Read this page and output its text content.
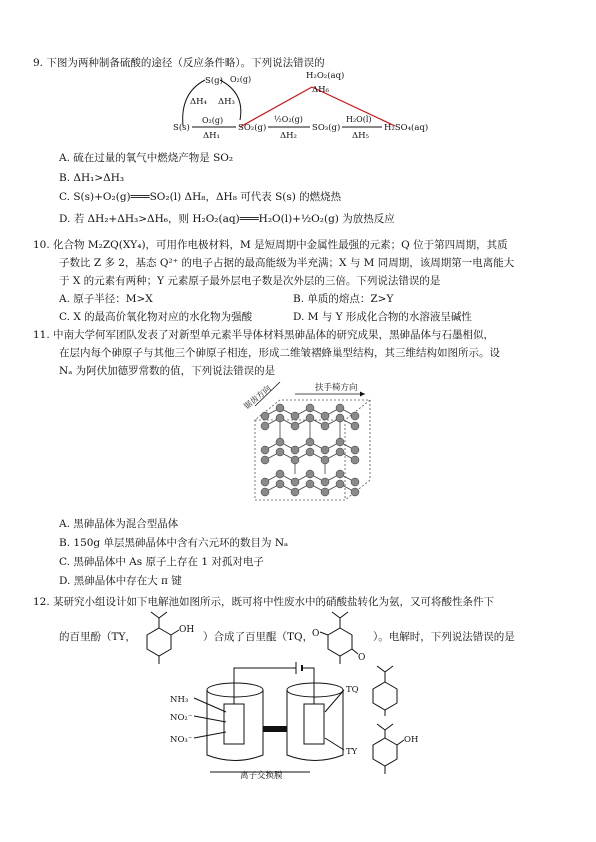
9. 下图为两种制备硫酸的途径（反应条件略）。下列说法错误的
H₂O₂(aq)
ΔH₆
S(g) O₂(g)
ΔH₄ ΔH₃
S(s)
O₂(g)
ΔH₁
SO₂(g)
½O₂(g)
ΔH₂
SO₃(g)
H₂O(l)
ΔH₅
H₂SO₄(aq)
A. 硫在过量的氧气中燃烧产物是 SO₂
B. ΔH₁>ΔH₃
C. S(s)+O₂(g)═══SO₂(l) ΔH₈，ΔH₈ 可代表 S(s) 的燃烧热
D. 若 ΔH₂+ΔH₃>ΔH₆，则 H₂O₂(aq)═══H₂O(l)+½O₂(g) 为放热反应
10. 化合物 M₂ZQ(XY₄)，可用作电极材料，M 是短周期中金属性最强的元素；Q 位于第四周期，其质
子数比 Z 多 2，基态 Q²⁺ 的电子占据的最高能级为半充满；X 与 M 同周期，该周期第一电离能大
于 X 的元素有两种；Y 元素原子最外层电子数是次外层的三倍。下列说法错误的是
A. 原子半径：M>X	B. 单质的熔点：Z>Y
C. X 的最高价氧化物对应的水化物为强酸	D. M 与 Y 形成化合物的水溶液呈碱性
11. 中南大学何军团队发表了对新型单元素半导体材料黑砷晶体的研究成果，黑砷晶体与石墨相似，
在层内每个砷原子与其他三个砷原子相连，形成二维皱褶蜂巢型结构，其三维结构如图所示。设
Nₐ 为阿伏加德罗常数的值，下列说法错误的是
扶手椅方向
锯齿方向
A. 黑砷晶体为混合型晶体
B. 150g 单层黑砷晶体中含有六元环的数目为 Nₐ
C. 黑砷晶体中 As 原子上存在 1 对孤对电子
D. 黑砷晶体中存在大 π 键
12. 某研究小组设计如下电解池如图所示，既可将中性废水中的硝酸盐转化为氨，又可将酸性条件下
的百里酚（TY，
OH
）合成了百里醌（TQ，
O
O
）。电解时，下列说法错误的是
NH₃
NO₂⁻
NO₃⁻
TQ
TY
离子交换膜
OH
